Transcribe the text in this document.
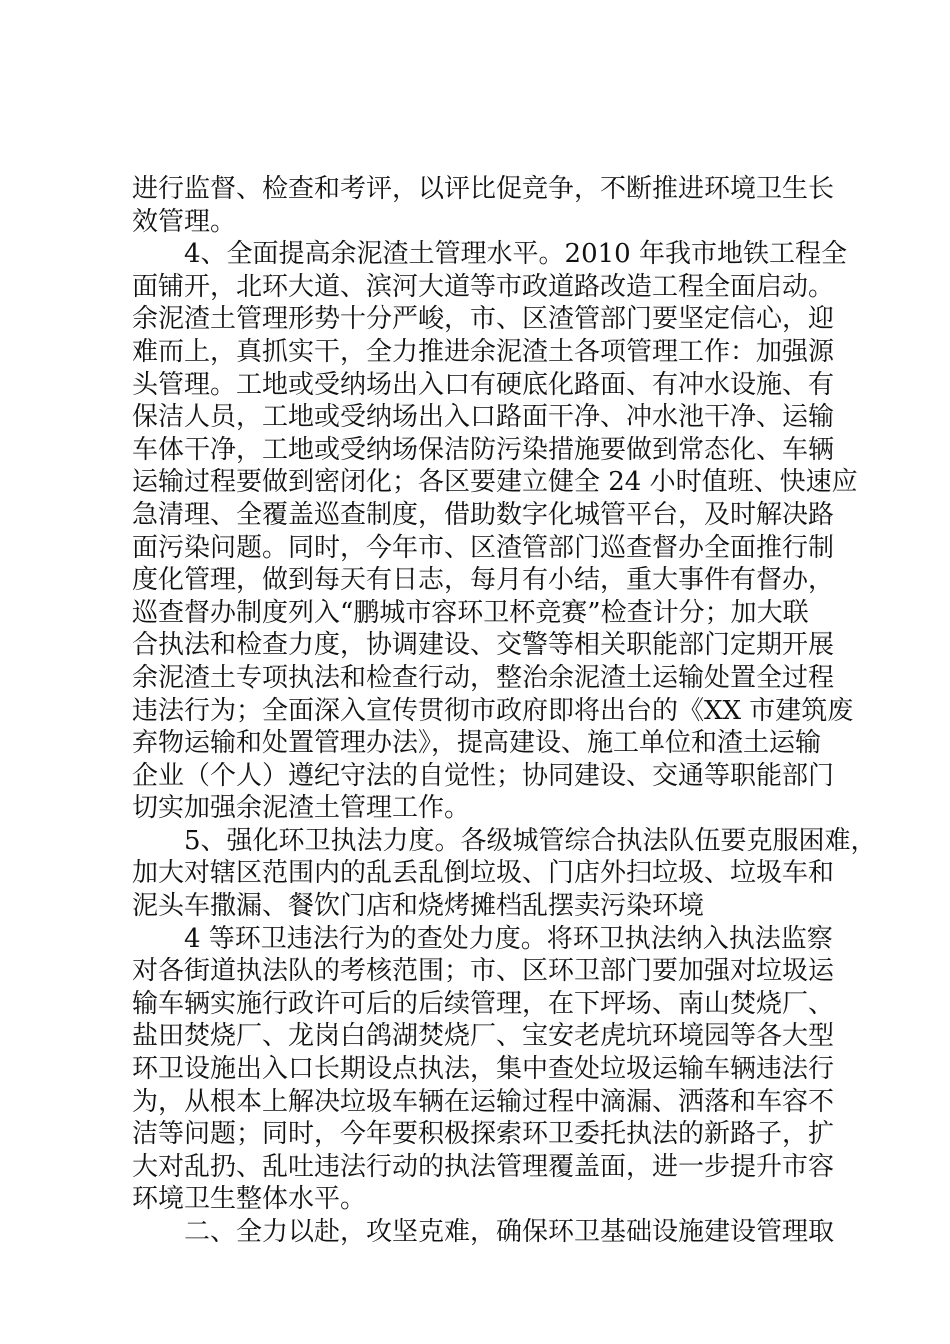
进行监督、检查和考评，以评比促竞争，不断推进环境卫生长
效管理。
4、全面提高余泥渣土管理水平。2010 年我市地铁工程全
面铺开，北环大道、滨河大道等市政道路改造工程全面启动。
余泥渣土管理形势十分严峻，市、区渣管部门要坚定信心，迎
难而上，真抓实干，全力推进余泥渣土各项管理工作：加强源
头管理。工地或受纳场出入口有硬底化路面、有冲水设施、有
保洁人员，工地或受纳场出入口路面干净、冲水池干净、运输
车体干净，工地或受纳场保洁防污染措施要做到常态化、车辆
运输过程要做到密闭化；各区要建立健全 24 小时值班、快速应
急清理、全覆盖巡查制度，借助数字化城管平台，及时解决路
面污染问题。同时，今年市、区渣管部门巡查督办全面推行制
度化管理，做到每天有日志，每月有小结，重大事件有督办，
巡查督办制度列入“鹏城市容环卫杯竞赛”检查计分；加大联
合执法和检查力度，协调建设、交警等相关职能部门定期开展
余泥渣土专项执法和检查行动，整治余泥渣土运输处置全过程
违法行为；全面深入宣传贯彻市政府即将出台的《XX 市建筑废
弃物运输和处置管理办法》，提高建设、施工单位和渣土运输
企业（个人）遵纪守法的自觉性；协同建设、交通等职能部门
切实加强余泥渣土管理工作。
5、强化环卫执法力度。各级城管综合执法队伍要克服困难，
加大对辖区范围内的乱丢乱倒垃圾、门店外扫垃圾、垃圾车和
泥头车撒漏、餐饮门店和烧烤摊档乱摆卖污染环境
4 等环卫违法行为的查处力度。将环卫执法纳入执法监察
对各街道执法队的考核范围；市、区环卫部门要加强对垃圾运
输车辆实施行政许可后的后续管理，在下坪场、南山焚烧厂、
盐田焚烧厂、龙岗白鸽湖焚烧厂、宝安老虎坑环境园等各大型
环卫设施出入口长期设点执法，集中查处垃圾运输车辆违法行
为，从根本上解决垃圾车辆在运输过程中滴漏、洒落和车容不
洁等问题；同时，今年要积极探索环卫委托执法的新路子，扩
大对乱扔、乱吐违法行动的执法管理覆盖面，进一步提升市容
环境卫生整体水平。
二、全力以赴，攻坚克难，确保环卫基础设施建设管理取
